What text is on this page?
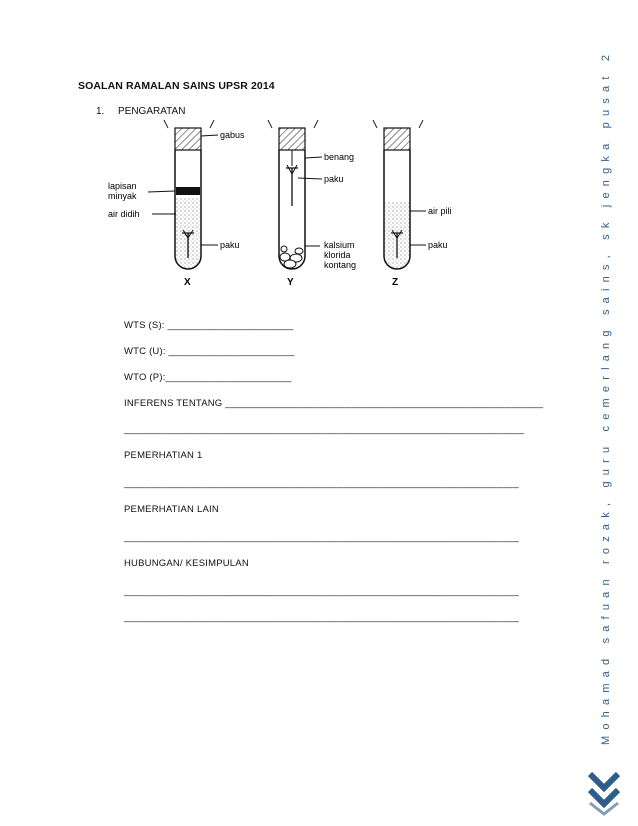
SOALAN RAMALAN SAINS UPSR 2014
1. PENGARATAN
gabus
lapisan
minyak
air didih
paku
X
benang
paku
kalsium
klorida
kontang
Y
air pili
paku
Z
WTS (S): _______________________
WTC (U): _______________________
WTO (P):_______________________
INFERENS TENTANG __________________________________________________________
_________________________________________________________________________
PEMERHATIAN 1
________________________________________________________________________
PEMERHATIAN LAIN
________________________________________________________________________
HUBUNGAN/ KESIMPULAN
________________________________________________________________________
________________________________________________________________________	Mohamad safuan rozak, guru cemerlang sains, sk jengka pusat 2
